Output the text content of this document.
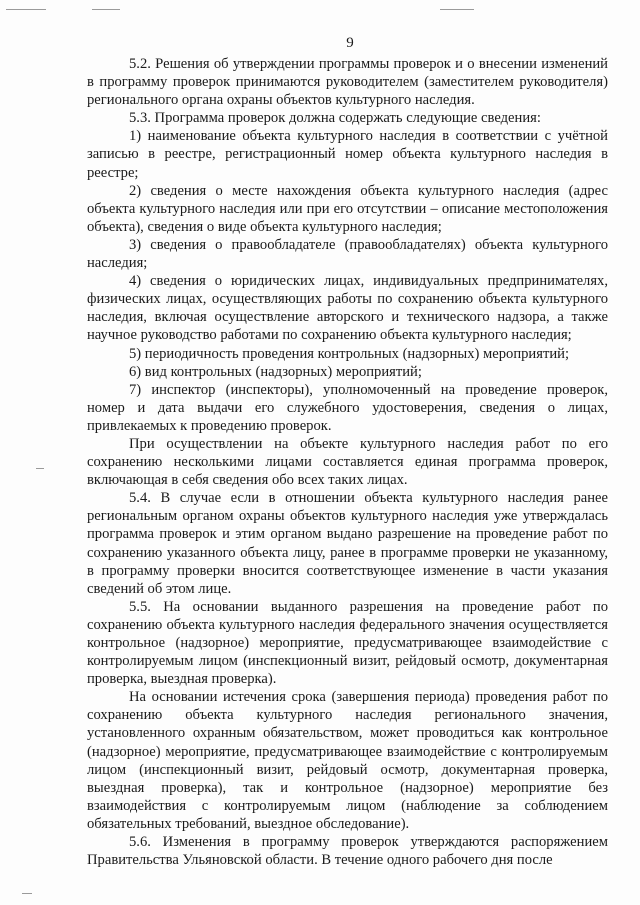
9

5.2. Решения об утверждении программы проверок и о внесении изменений в программу проверок принимаются руководителем (заместителем руководителя) регионального органа охраны объектов культурного наследия.

5.3. Программа проверок должна содержать следующие сведения:

1) наименование объекта культурного наследия в соответствии с учётной записью в реестре, регистрационный номер объекта культурного наследия в реестре;

2) сведения о месте нахождения объекта культурного наследия (адрес объекта культурного наследия или при его отсутствии – описание местоположения объекта), сведения о виде объекта культурного наследия;

3) сведения о правообладателе (правообладателях) объекта культурного наследия;

4) сведения о юридических лицах, индивидуальных предпринимателях, физических лицах, осуществляющих работы по сохранению объекта культурного наследия, включая осуществление авторского и технического надзора, а также научное руководство работами по сохранению объекта культурного наследия;

5) периодичность проведения контрольных (надзорных) мероприятий;

6) вид контрольных (надзорных) мероприятий;

7) инспектор (инспекторы), уполномоченный на проведение проверок, номер и дата выдачи его служебного удостоверения, сведения о лицах, привлекаемых к проведению проверок.

При осуществлении на объекте культурного наследия работ по его сохранению несколькими лицами составляется единая программа проверок, включающая в себя сведения обо всех таких лицах.

5.4. В случае если в отношении объекта культурного наследия ранее региональным органом охраны объектов культурного наследия уже утверждалась программа проверок и этим органом выдано разрешение на проведение работ по сохранению указанного объекта лицу, ранее в программе проверки не указанному, в программу проверки вносится соответствующее изменение в части указания сведений об этом лице.

5.5. На основании выданного разрешения на проведение работ по сохранению объекта культурного наследия федерального значения осуществляется контрольное (надзорное) мероприятие, предусматривающее взаимодействие с контролируемым лицом (инспекционный визит, рейдовый осмотр, документарная проверка, выездная проверка).

На основании истечения срока (завершения периода) проведения работ по сохранению объекта культурного наследия регионального значения, установленного охранным обязательством, может проводиться как контрольное (надзорное) мероприятие, предусматривающее взаимодействие с контролируемым лицом (инспекционный визит, рейдовый осмотр, документарная проверка, выездная проверка), так и контрольное (надзорное) мероприятие без взаимодействия с контролируемым лицом (наблюдение за соблюдением обязательных требований, выездное обследование).

5.6. Изменения в программу проверок утверждаются распоряжением Правительства Ульяновской области. В течение одного рабочего дня после
